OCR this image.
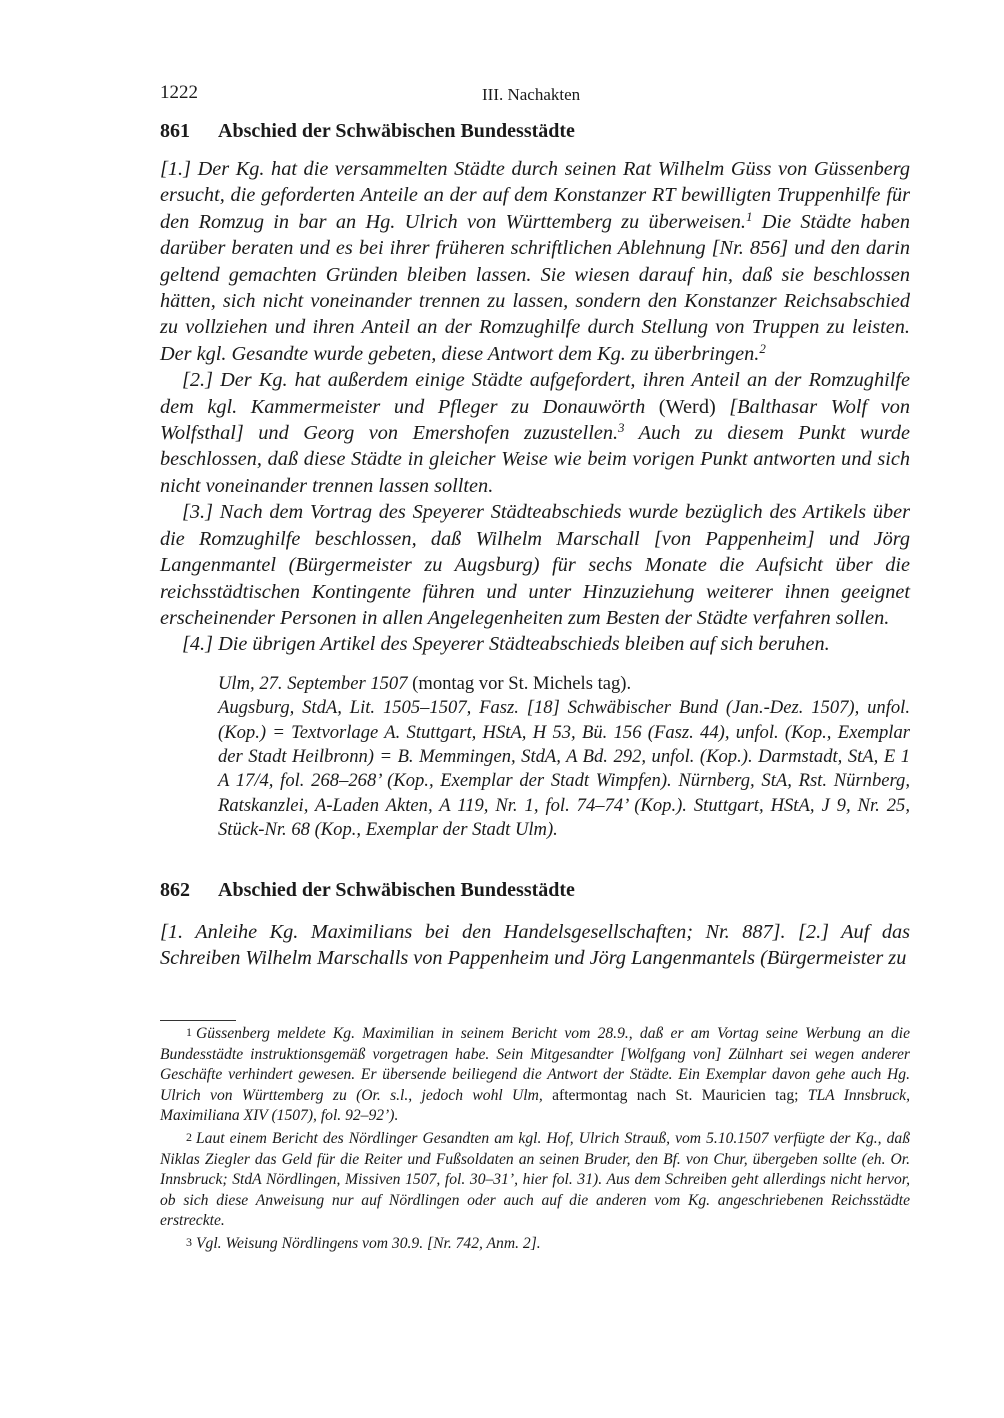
1222	III. Nachakten
861 Abschied der Schwäbischen Bundesstädte

[1.] Der Kg. hat die versammelten Städte durch seinen Rat Wilhelm Güss von Güssenberg ersucht, die geforderten Anteile an der auf dem Konstanzer RT bewilligten Truppenhilfe für den Romzug in bar an Hg. Ulrich von Württemberg zu überweisen.$^1$ Die Städte haben darüber beraten und es bei ihrer früheren schriftlichen Ablehnung [Nr. 856] und den darin geltend gemachten Gründen bleiben lassen. Sie wiesen darauf hin, daß sie beschlossen hätten, sich nicht voneinander trennen zu lassen, sondern den Konstanzer Reichsabschied zu vollziehen und ihren Anteil an der Romzughilfe durch Stellung von Truppen zu leisten. Der kgl. Gesandte wurde gebeten, diese Antwort dem Kg. zu überbringen.$^2$

[2.] Der Kg. hat außerdem einige Städte aufgefordert, ihren Anteil an der Romzughilfe dem kgl. Kammermeister und Pfleger zu Donauwörth (Werd) [Balthasar Wolf von Wolfsthal] und Georg von Emershofen zuzustellen.$^3$ Auch zu diesem Punkt wurde beschlossen, daß diese Städte in gleicher Weise wie beim vorigen Punkt antworten und sich nicht voneinander trennen lassen sollten.

[3.] Nach dem Vortrag des Speyerer Städteabschieds wurde bezüglich des Artikels über die Romzughilfe beschlossen, daß Wilhelm Marschall [von Pappenheim] und Jörg Langenmantel (Bürgermeister zu Augsburg) für sechs Monate die Aufsicht über die reichsstädtischen Kontingente führen und unter Hinzuziehung weiterer ihnen geeignet erscheinender Personen in allen Angelegenheiten zum Besten der Städte verfahren sollen.

[4.] Die übrigen Artikel des Speyerer Städteabschieds bleiben auf sich beruhen.

Ulm, 27. September 1507 (montag vor St. Michels tag).

Augsburg, StdA, Lit. 1505–1507, Fasz. [18] Schwäbischer Bund (Jan.-Dez. 1507), unfol. (Kop.) = Textvorlage A. Stuttgart, HStA, H 53, Bü. 156 (Fasz. 44), unfol. (Kop., Exemplar der Stadt Heilbronn) = B. Memmingen, StdA, A Bd. 292, unfol. (Kop.). Darmstadt, StA, E 1 A 17/4, fol. 268–268’ (Kop., Exemplar der Stadt Wimpfen). Nürnberg, StA, Rst. Nürnberg, Ratskanzlei, A-Laden Akten, A 119, Nr. 1, fol. 74–74’ (Kop.). Stuttgart, HStA, J 9, Nr. 25, Stück-Nr. 68 (Kop., Exemplar der Stadt Ulm).

862 Abschied der Schwäbischen Bundesstädte

[1. Anleihe Kg. Maximilians bei den Handelsgesellschaften; Nr. 887]. [2.] Auf das Schreiben Wilhelm Marschalls von Pappenheim und Jörg Langenmantels (Bürgermeister zu

1 Güssenberg meldete Kg. Maximilian in seinem Bericht vom 28.9., daß er am Vortag seine Werbung an die Bundesstädte instruktionsgemäß vorgetragen habe. Sein Mitgesandter [Wolfgang von] Zülnhart sei wegen anderer Geschäfte verhindert gewesen. Er übersende beiliegend die Antwort der Städte. Ein Exemplar davon gehe auch Hg. Ulrich von Württemberg zu (Or. s.l., jedoch wohl Ulm, aftermontag nach St. Mauricien tag; TLA Innsbruck, Maximiliana XIV (1507), fol. 92–92’).

2 Laut einem Bericht des Nördlinger Gesandten am kgl. Hof, Ulrich Strauß, vom 5.10.1507 verfügte der Kg., daß Niklas Ziegler das Geld für die Reiter und Fußsoldaten an seinen Bruder, den Bf. von Chur, übergeben sollte (eh. Or. Innsbruck; StdA Nördlingen, Missiven 1507, fol. 30–31’, hier fol. 31). Aus dem Schreiben geht allerdings nicht hervor, ob sich diese Anweisung nur auf Nördlingen oder auch auf die anderen vom Kg. angeschriebenen Reichsstädte erstreckte.

3 Vgl. Weisung Nördlingens vom 30.9. [Nr. 742, Anm. 2].
